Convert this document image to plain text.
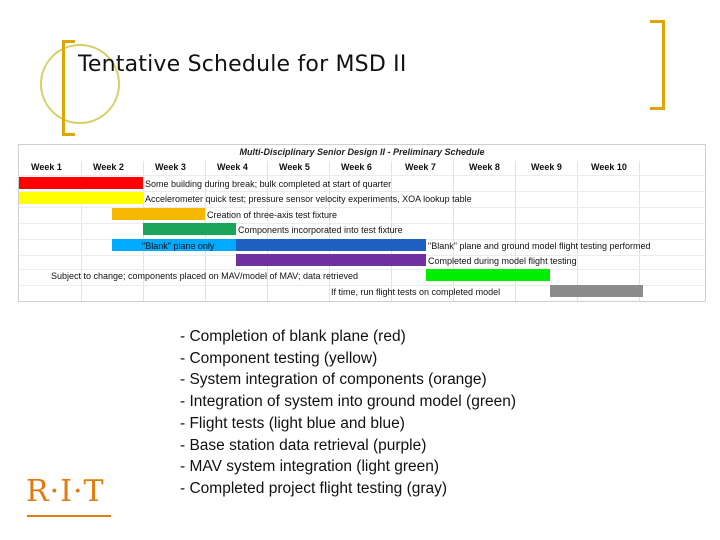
Tentative Schedule for MSD II
Multi-Disciplinary Senior Design II - Preliminary Schedule
Week 1	Week 2	Week 3	Week 4	Week 5	Week 6	Week 7	Week 8	Week 9	Week 10
Some building during break; bulk completed at start of quarter
Accelerometer quick test; pressure sensor velocity experiments, XOA lookup table
Creation of three-axis test fixture
Components incorporated into test fixture
"Blank" plane only	"Blank" plane and ground model flight testing performed
Completed during model flight testing
Subject to change; components placed on MAV/model of MAV; data retrieved
If time, run flight tests on completed model
- Completion of blank plane (red)
- Component testing (yellow)
- System integration of components (orange)
- Integration of system into ground model (green)
- Flight tests (light blue and blue)
- Base station data retrieval (purple)
- MAV system integration (light green)
- Completed project flight testing (gray)
R·I·T
